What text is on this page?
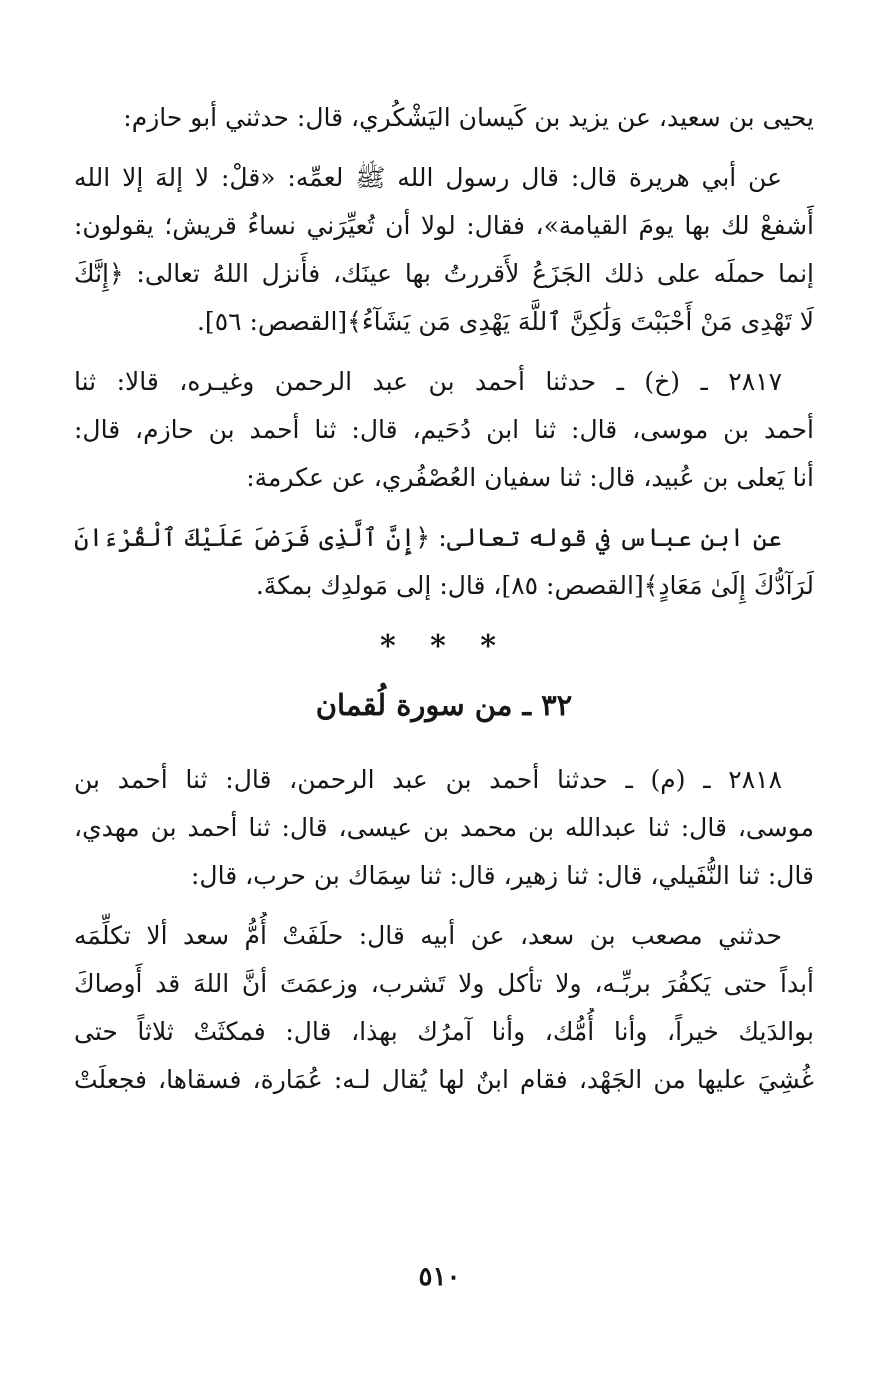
يحيى بن سعيد، عن يزيد بن كَيسان اليَشْكُري، قال: حدثني أبو حازم:
عن أبي هريرة قال: قال رسول الله ﷺ لعمِّه: «قلْ: لا إلهَ إلا الله
أَشفعْ لك بها يومَ القيامة»، فقال: لولا أن تُعيِّرَني نساءُ قريش؛ يقولون:
إنما حملَه على ذلك الجَزَعُ لأَقررتُ بها عينَك، فأَنزل اللهُ تعالى: ﴿إِنَّكَ
لَا تَهْدِى مَنْ أَحْبَبْتَ وَلَٰكِنَّ ٱللَّهَ يَهْدِى مَن يَشَآءُ﴾[القصص: ٥٦].
٢٨١٧ ـ (خ) ـ حدثنا أحمد بن عبد الرحمن وغيـره، قالا: ثنا
أحمد بن موسى، قال: ثنا ابن دُحَيم، قال: ثنا أحمد بن حازم، قال:
أنا يَعلى بن عُبيد، قال: ثنا سفيان العُصْفُري، عن عكرمة:
عن ابن عباس في قوله تعالى: ﴿إِنَّ ٱلَّذِى فَرَضَ عَلَيْكَ ٱلْقُرْءَانَ
لَرَآدُّكَ إِلَىٰ مَعَادٍ﴾[القصص: ٨٥]، قال: إلى مَولدِك بمكةَ.
* * *
٣٢ ـ من سورة لُقمان
٢٨١٨ ـ (م) ـ حدثنا أحمد بن عبد الرحمن، قال: ثنا أحمد بن
موسى، قال: ثنا عبدالله بن محمد بن عيسى، قال: ثنا أحمد بن مهدي،
قال: ثنا النُّفَيلي، قال: ثنا زهير، قال: ثنا سِمَاك بن حرب، قال:
حدثني مصعب بن سعد، عن أبيه قال: حلَفَتْ أُمُّ سعد ألا تكلِّمَه
أبداً حتى يَكفُرَ بربِّـه، ولا تأكل ولا تَشرب، وزعمَتَ أنَّ اللهَ قد أَوصاكَ
بوالدَيك خيراً، وأنا أُمُّك، وأنا آمرُك بهذا، قال: فمكثَتْ ثلاثاً حتى
غُشِيَ عليها من الجَهْد، فقام ابنٌ لها يُقال لـه: عُمَارة، فسقاها، فجعلَتْ
٥١٠
